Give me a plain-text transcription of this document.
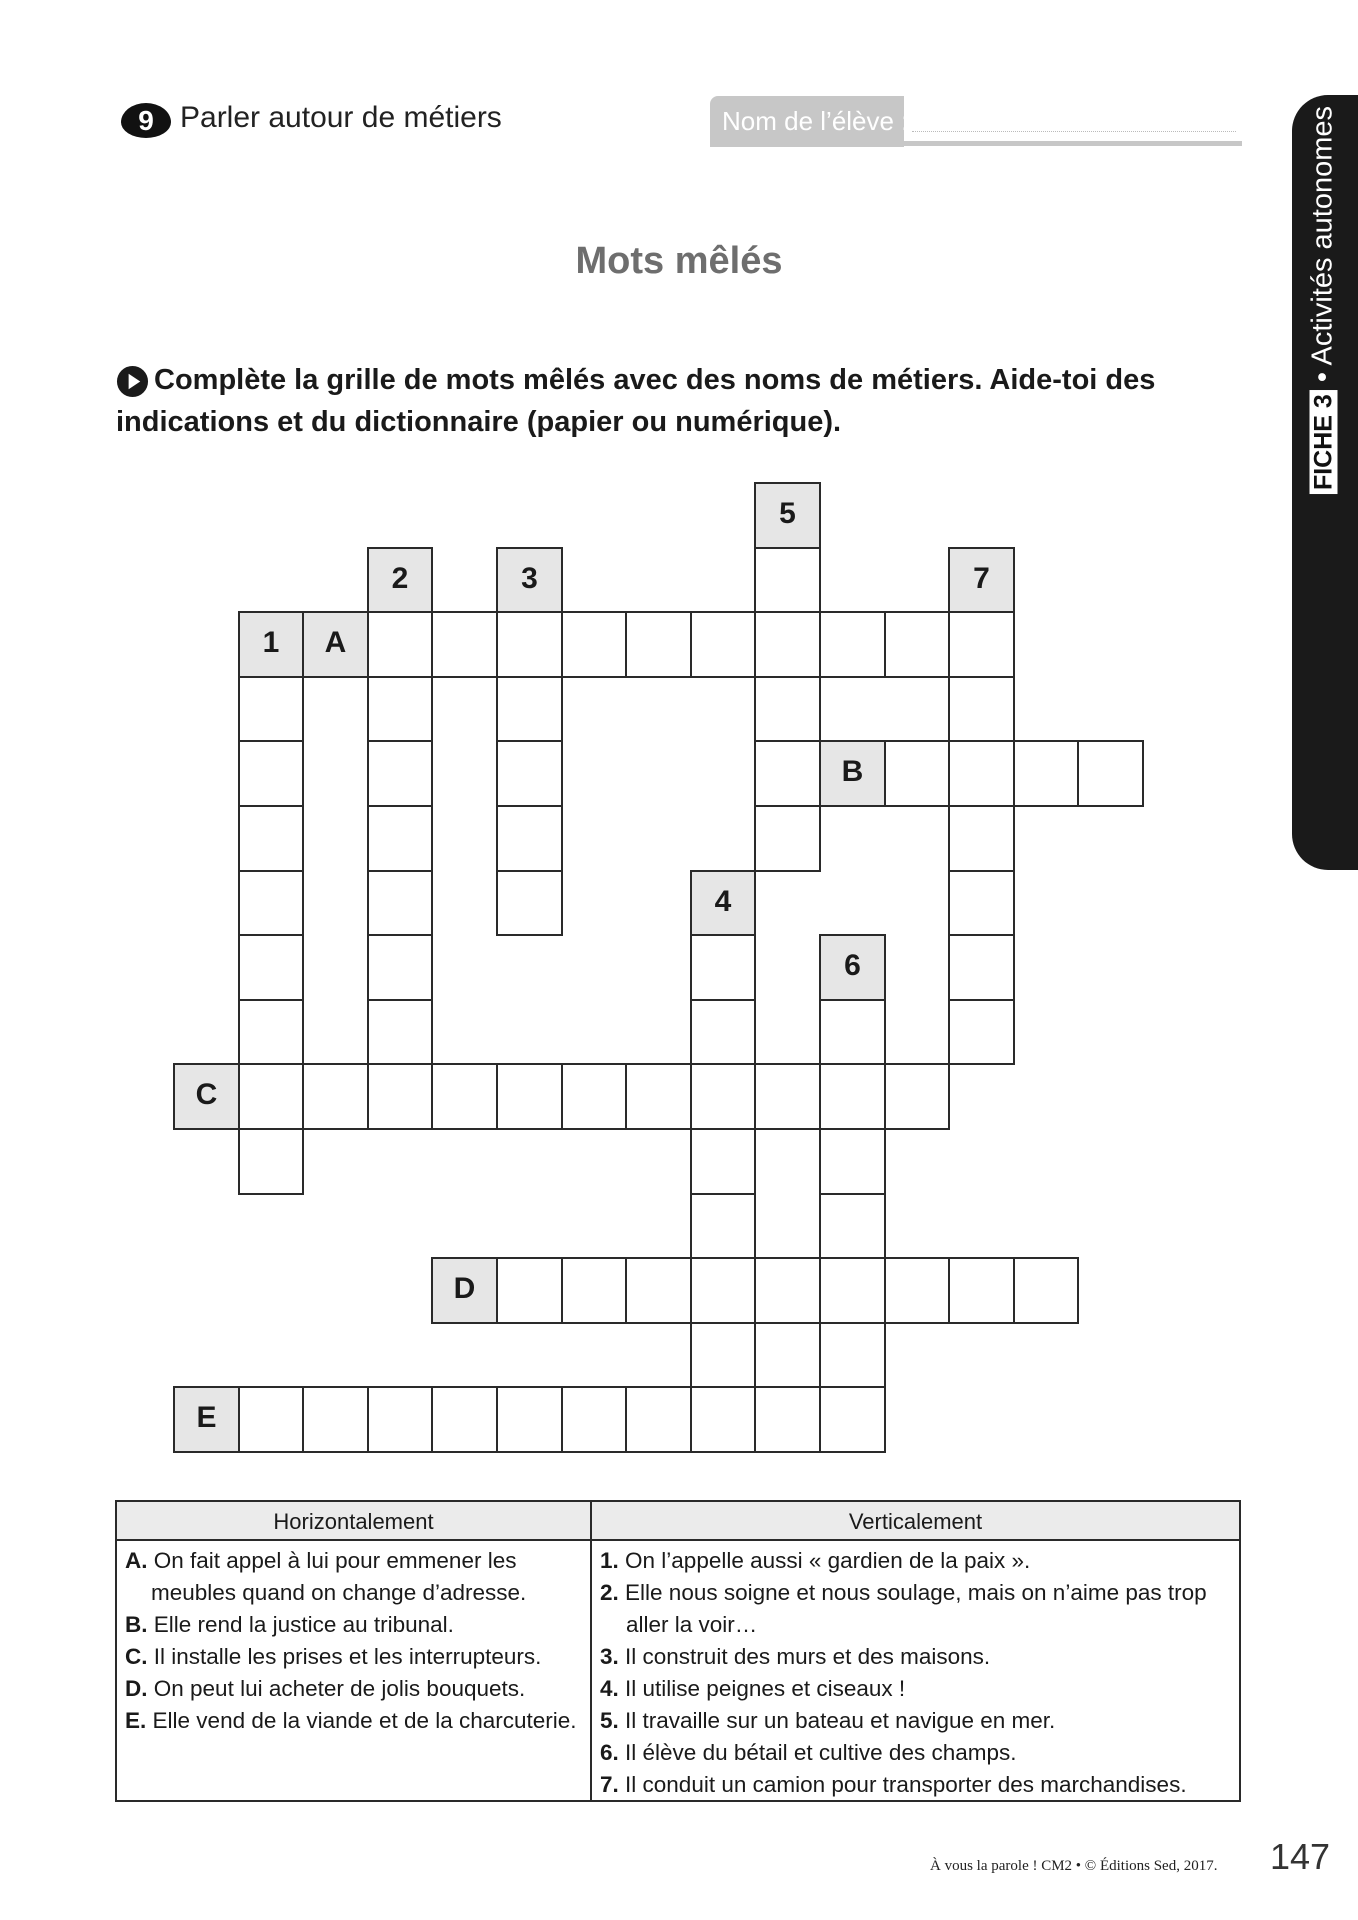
9 Parler autour de métiers	Nom de l’élève :
FICHE 3 • Activités autonomes
Mots mêlés
Complète la grille de mots mêlés avec des noms de métiers. Aide-toi des indications et du dictionnaire (papier ou numérique).
5
2	3	7
1	A
B
4
6
C
D
E
Horizontalement
A. On fait appel à lui pour emmener les meubles quand on change d’adresse.
B. Elle rend la justice au tribunal.
C. Il installe les prises et les interrupteurs.
D. On peut lui acheter de jolis bouquets.
E. Elle vend de la viande et de la charcuterie.
Verticalement
1. On l’appelle aussi « gardien de la paix ».
2. Elle nous soigne et nous soulage, mais on n’aime pas trop aller la voir…
3. Il construit des murs et des maisons.
4. Il utilise peignes et ciseaux !
5. Il travaille sur un bateau et navigue en mer.
6. Il élève du bétail et cultive des champs.
7. Il conduit un camion pour transporter des marchandises.
À vous la parole ! CM2 • © Éditions Sed, 2017. 147
